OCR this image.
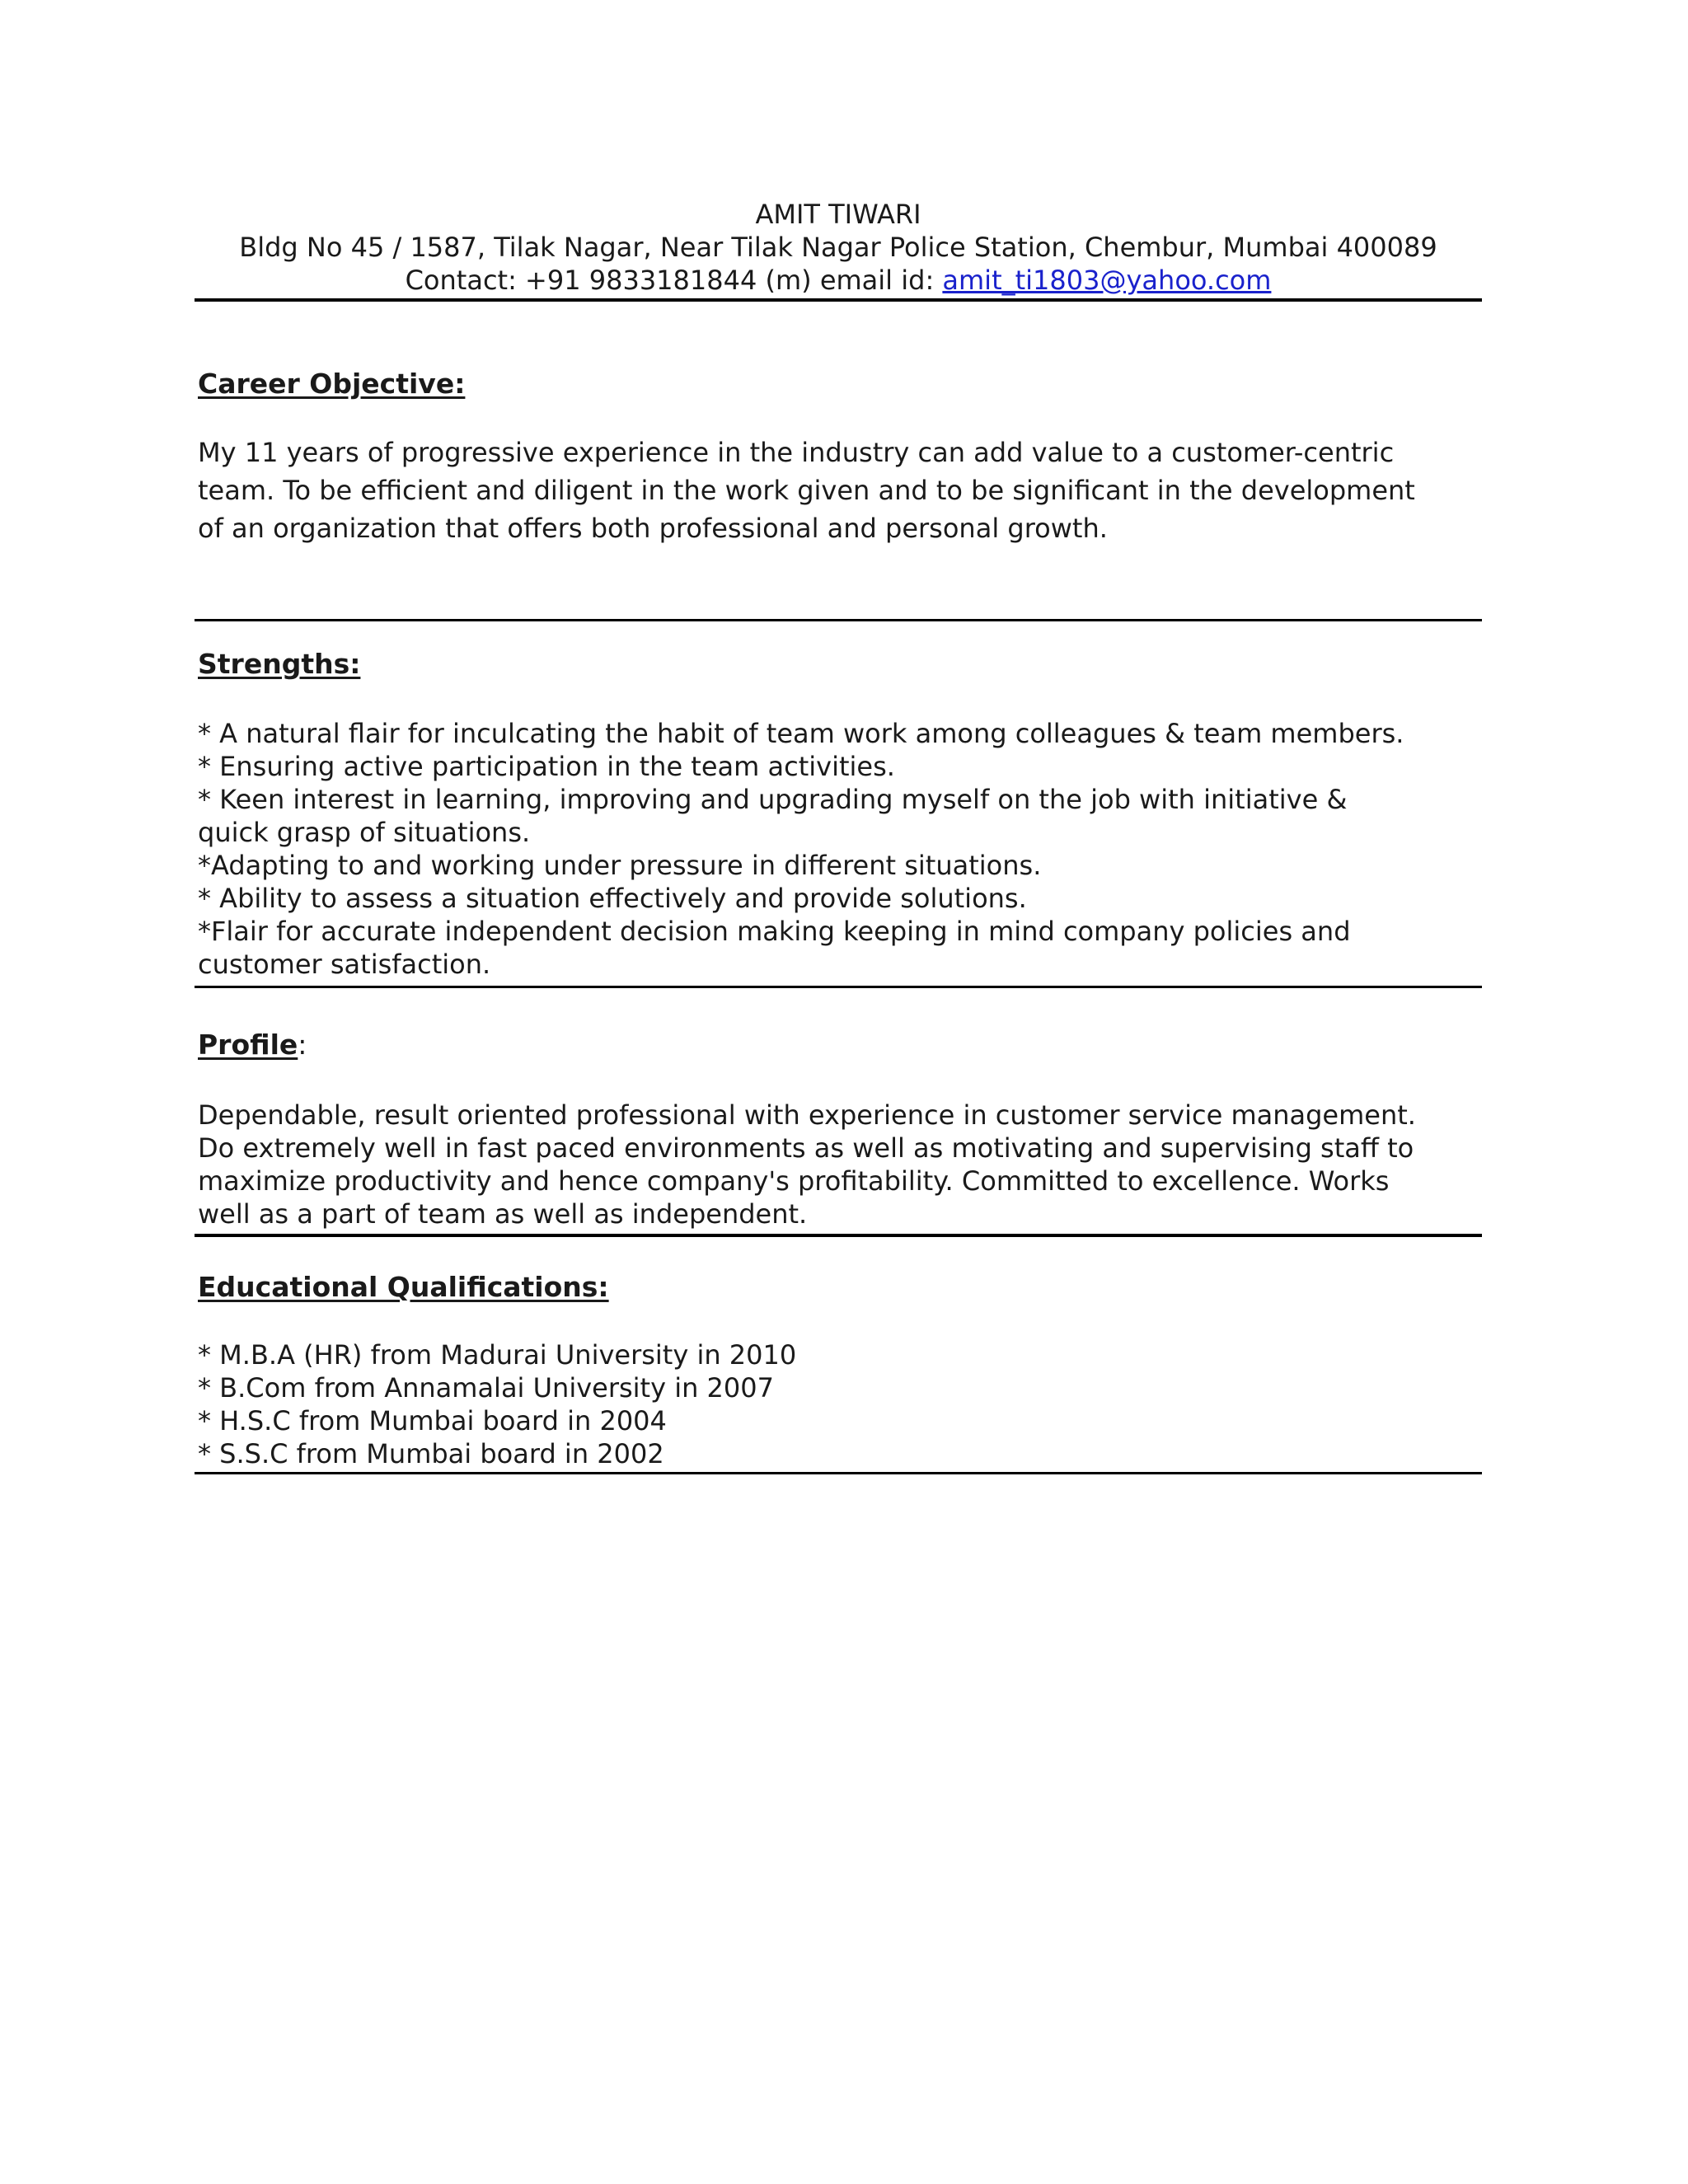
AMIT TIWARI
Bldg No 45 / 1587, Tilak Nagar, Near Tilak Nagar Police Station, Chembur, Mumbai 400089
Contact: +91 9833181844 (m) email id: amit_ti1803@yahoo.com
Career Objective:
My 11 years of progressive experience in the industry can add value to a customer-centric
team. To be efficient and diligent in the work given and to be significant in the development
of an organization that offers both professional and personal growth.
Strengths:
* A natural flair for inculcating the habit of team work among colleagues & team members.
* Ensuring active participation in the team activities.
* Keen interest in learning, improving and upgrading myself on the job with initiative &
quick grasp of situations.
*Adapting to and working under pressure in different situations.
* Ability to assess a situation effectively and provide solutions.
*Flair for accurate independent decision making keeping in mind company policies and
customer satisfaction.
Profile:
Dependable, result oriented professional with experience in customer service management.
Do extremely well in fast paced environments as well as motivating and supervising staff to
maximize productivity and hence company's profitability. Committed to excellence. Works
well as a part of team as well as independent.
Educational Qualifications:
* M.B.A (HR) from Madurai University in 2010
* B.Com from Annamalai University in 2007
* H.S.C from Mumbai board in 2004
* S.S.C from Mumbai board in 2002
